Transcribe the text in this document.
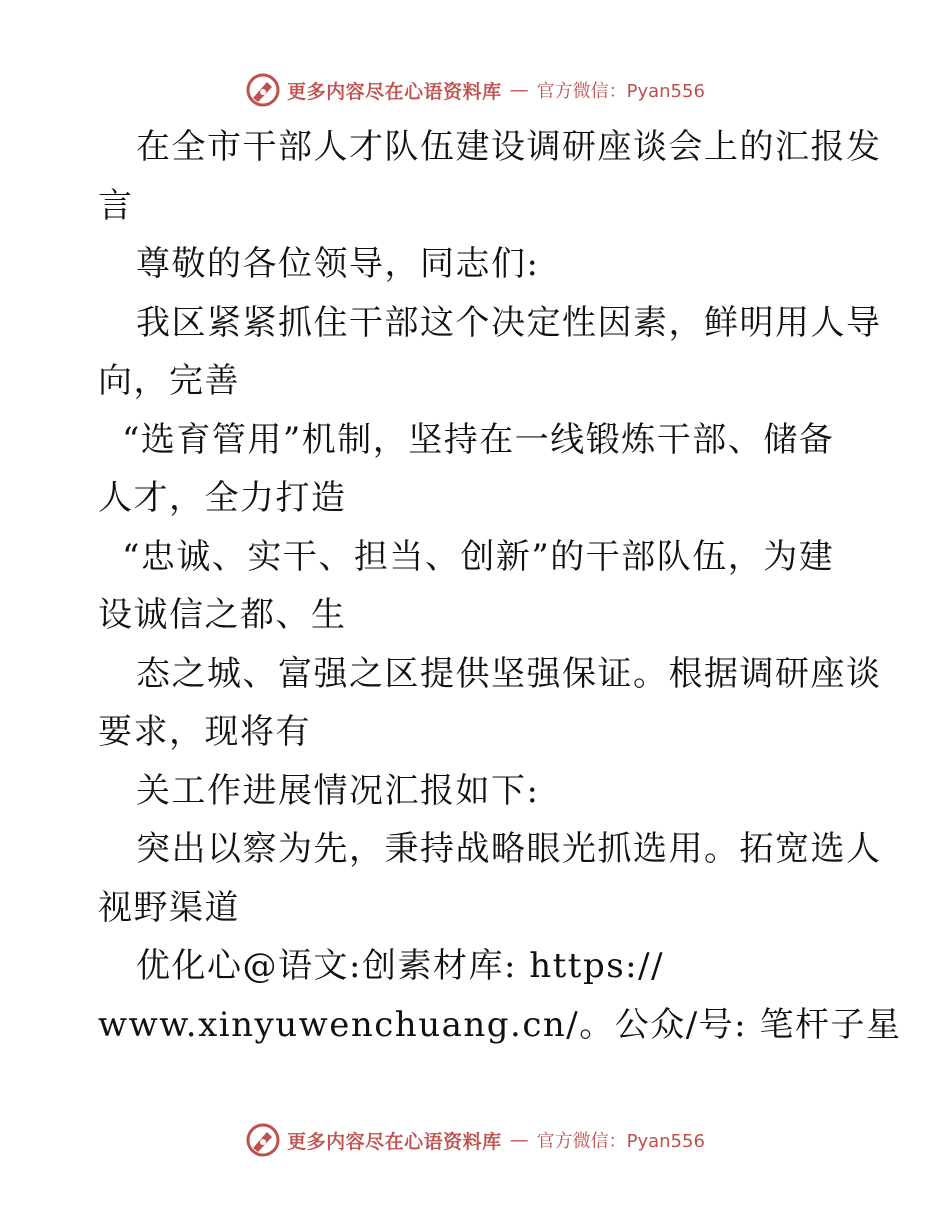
更多内容尽在心语资料库 — 官方微信：Pyan556
在全市干部人才队伍建设调研座谈会上的汇报发
言
尊敬的各位领导，同志们:
我区紧紧抓住干部这个决定性因素，鲜明用人导
向，完善
“选育管用”机制，坚持在一线锻炼干部、储备
人才，全力打造
“忠诚、实干、担当、创新”的干部队伍，为建
设诚信之都、生
态之城、富强之区提供坚强保证。根据调研座谈
要求，现将有
关工作进展情况汇报如下:
突出以察为先，秉持战略眼光抓选用。拓宽选人
视野渠道
优化心@语文:创素材库: https://
www.xinyuwenchuang.cn/。公众/号: 笔杆子星
更多内容尽在心语资料库 — 官方微信：Pyan556
